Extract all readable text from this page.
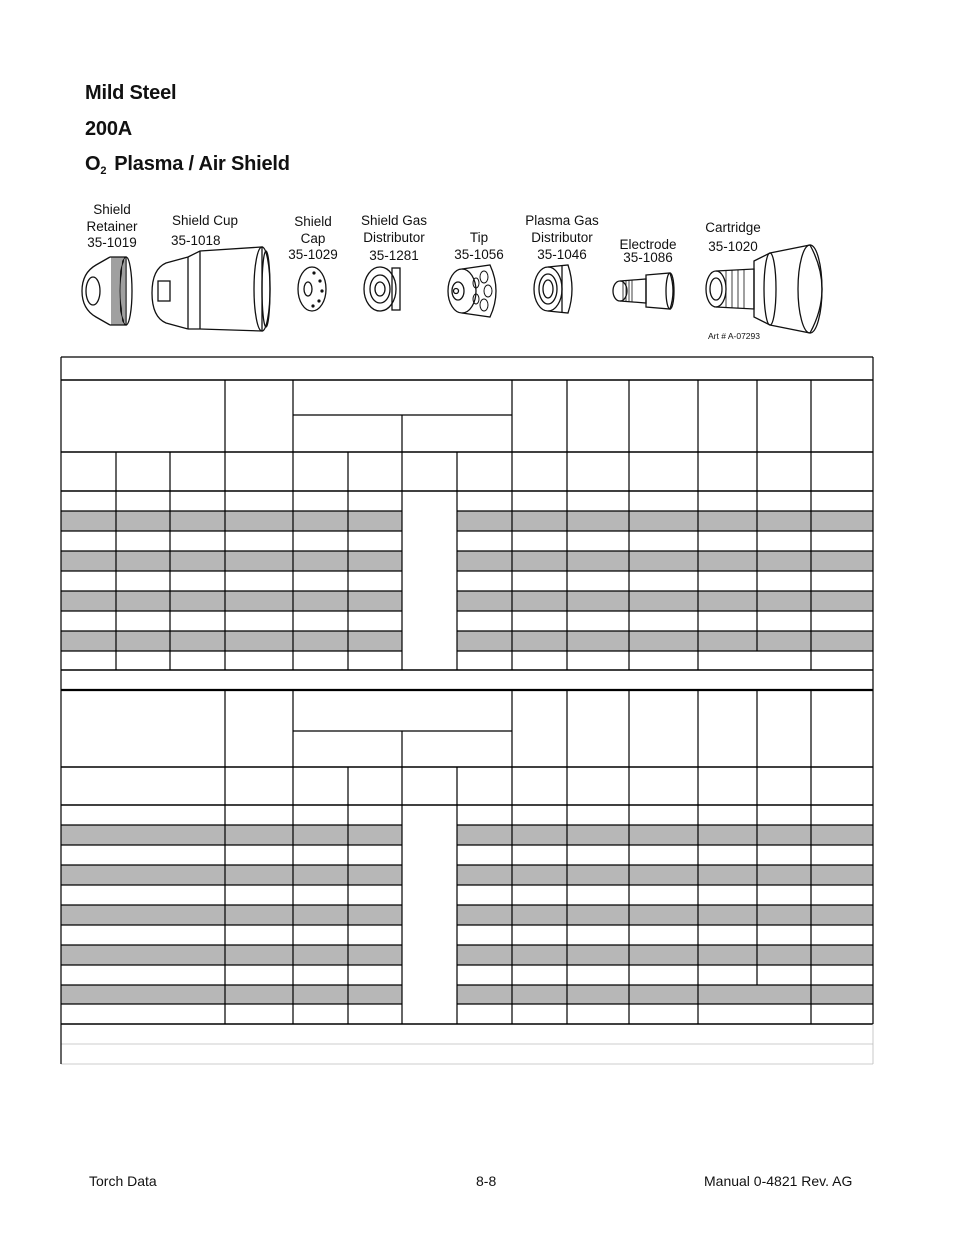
Mild Steel
200A
$O_2$ Plasma / Air Shield
Shield
Retainer
35-1019
Shield Cup
35-1018
Shield
Cap
35-1029
Shield Gas
Distributor
35-1281
Tip
35-1056
Plasma Gas
Distributor
35-1046
Electrode
35-1086
Cartridge
35-1020
Art # A-07293
Torch Data	8-8	Manual 0-4821 Rev. AG
